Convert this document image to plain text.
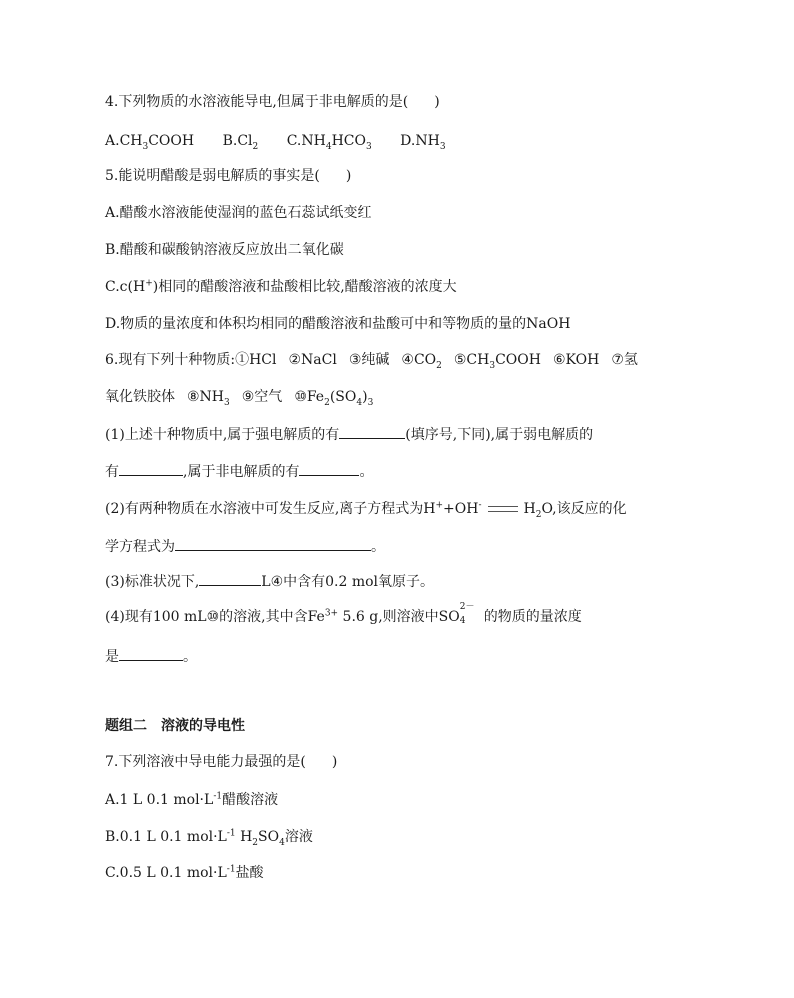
4.下列物质的水溶液能导电,但属于非电解质的是( )
$A.CH_3COOH$ $B.Cl_2$ $C.NH_4HCO_3$ $D.NH_3$
5.能说明醋酸是弱电解质的事实是( )
A.醋酸水溶液能使湿润的蓝色石蕊试纸变红
B.醋酸和碳酸钠溶液反应放出二氧化碳
C.c(H+)相同的醋酸溶液和盐酸相比较,醋酸溶液的浓度大
D.物质的量浓度和体积均相同的醋酸溶液和盐酸可中和等物质的量的NaOH
6.现有下列十种物质:①HCl ②NaCl ③纯碱 $④CO_2$ $⑤CH_3COOH$ ⑥KOH ⑦氢
氧化铁胶体 $⑧NH_3$ ⑨空气 $⑩Fe_2(SO_4)_3$
(1)上述十种物质中,属于强电解质的有	(填序号,下同),属于弱电解质的
有	,属于非电解质的有	。
(2)有两种物质在水溶液中可发生反应,离子方程式为H++OH-	$H_2O$,该反应的化
学方程式为	。
(3)标准状况下,	L④中含有0.2 mol氧原子。
(4)现有100 mL⑩的溶液,其中含$Fe^{3+}$ 5.6 g,则溶液中SO
2－
4 的物质的量浓度
是	。
题组二　溶液的导电性
7.下列溶液中导电能力最强的是( )
A.1 L 0.1 $mol\cdot L^{-1}$醋酸溶液
B.0.1 L 0.1 $mol\cdot L^{-1}$ $H_2SO_4$溶液
C.0.5 L 0.1 $mol\cdot L^{-1}$盐酸
